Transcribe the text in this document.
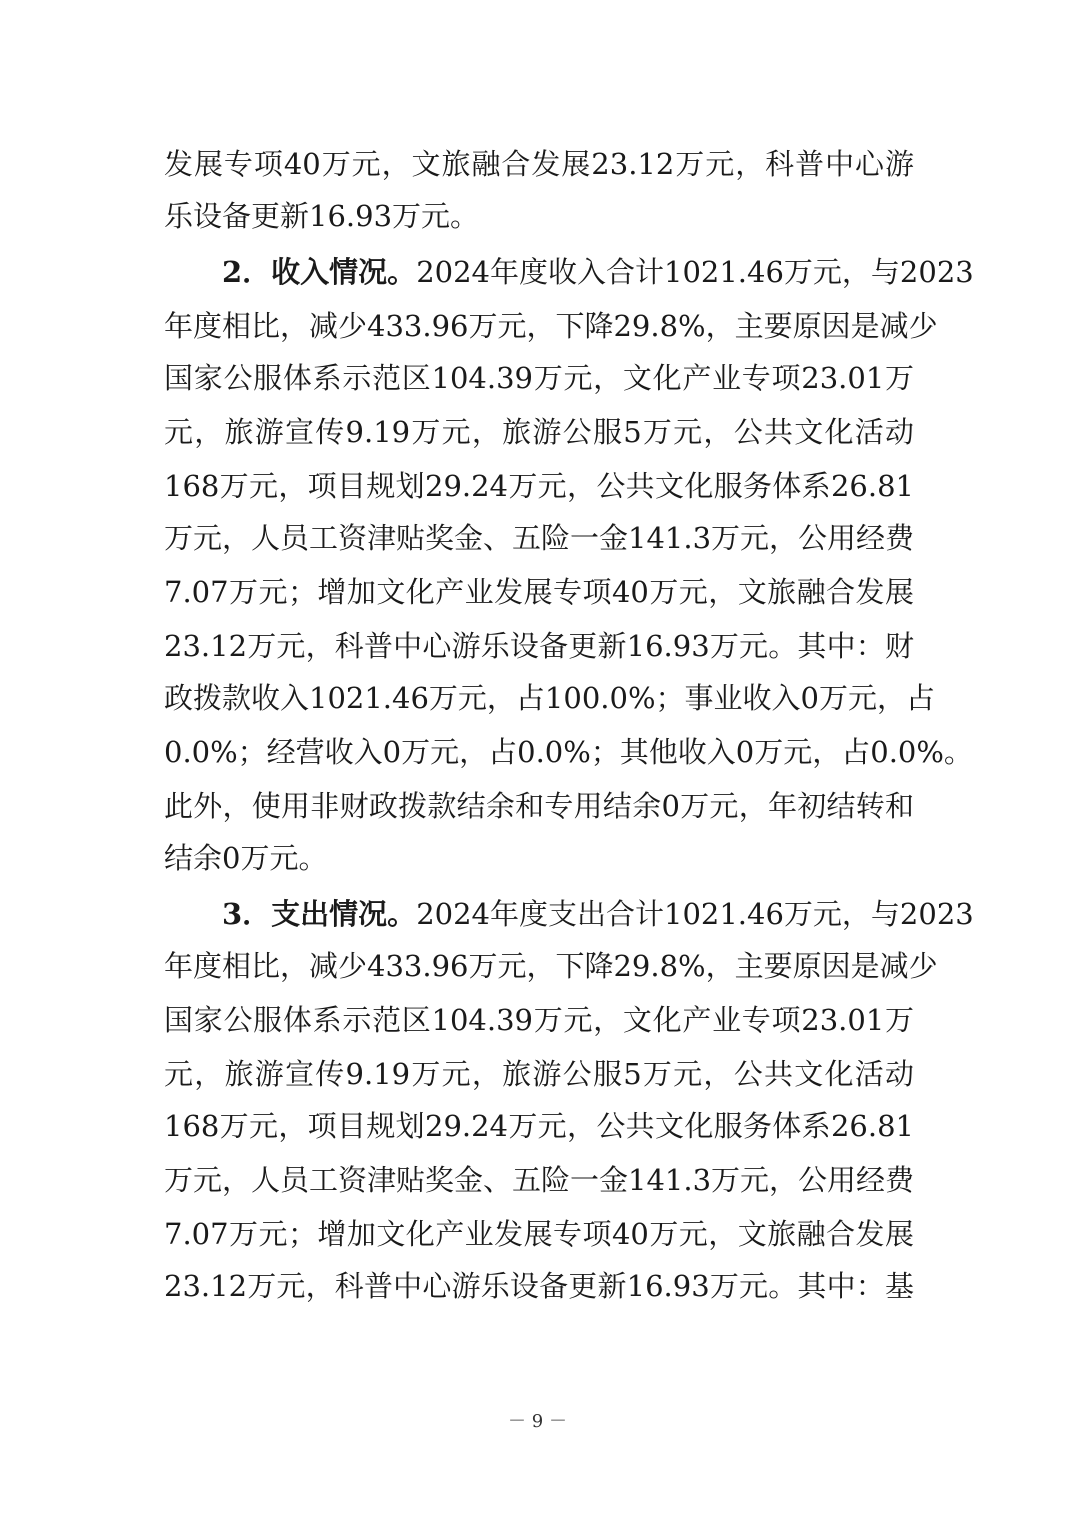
发展专项40万元，文旅融合发展23.12万元，科普中心游
乐设备更新16.93万元。
2．收入情况。2024年度收入合计1021.46万元，与2023
年度相比，减少433.96万元，下降29.8%，主要原因是减少
国家公服体系示范区104.39万元，文化产业专项23.01万
元，旅游宣传9.19万元，旅游公服5万元，公共文化活动
168万元，项目规划29.24万元，公共文化服务体系26.81
万元，人员工资津贴奖金、五险一金141.3万元，公用经费
7.07万元；增加文化产业发展专项40万元，文旅融合发展
23.12万元，科普中心游乐设备更新16.93万元。其中：财
政拨款收入1021.46万元，占100.0%；事业收入0万元，占
0.0%；经营收入0万元，占0.0%；其他收入0万元，占0.0%。
此外，使用非财政拨款结余和专用结余0万元，年初结转和
结余0万元。
3．支出情况。2024年度支出合计1021.46万元，与2023
年度相比，减少433.96万元，下降29.8%，主要原因是减少
国家公服体系示范区104.39万元，文化产业专项23.01万
元，旅游宣传9.19万元，旅游公服5万元，公共文化活动
168万元，项目规划29.24万元，公共文化服务体系26.81
万元，人员工资津贴奖金、五险一金141.3万元，公用经费
7.07万元；增加文化产业发展专项40万元，文旅融合发展
23.12万元，科普中心游乐设备更新16.93万元。其中：基
－ 9 －
